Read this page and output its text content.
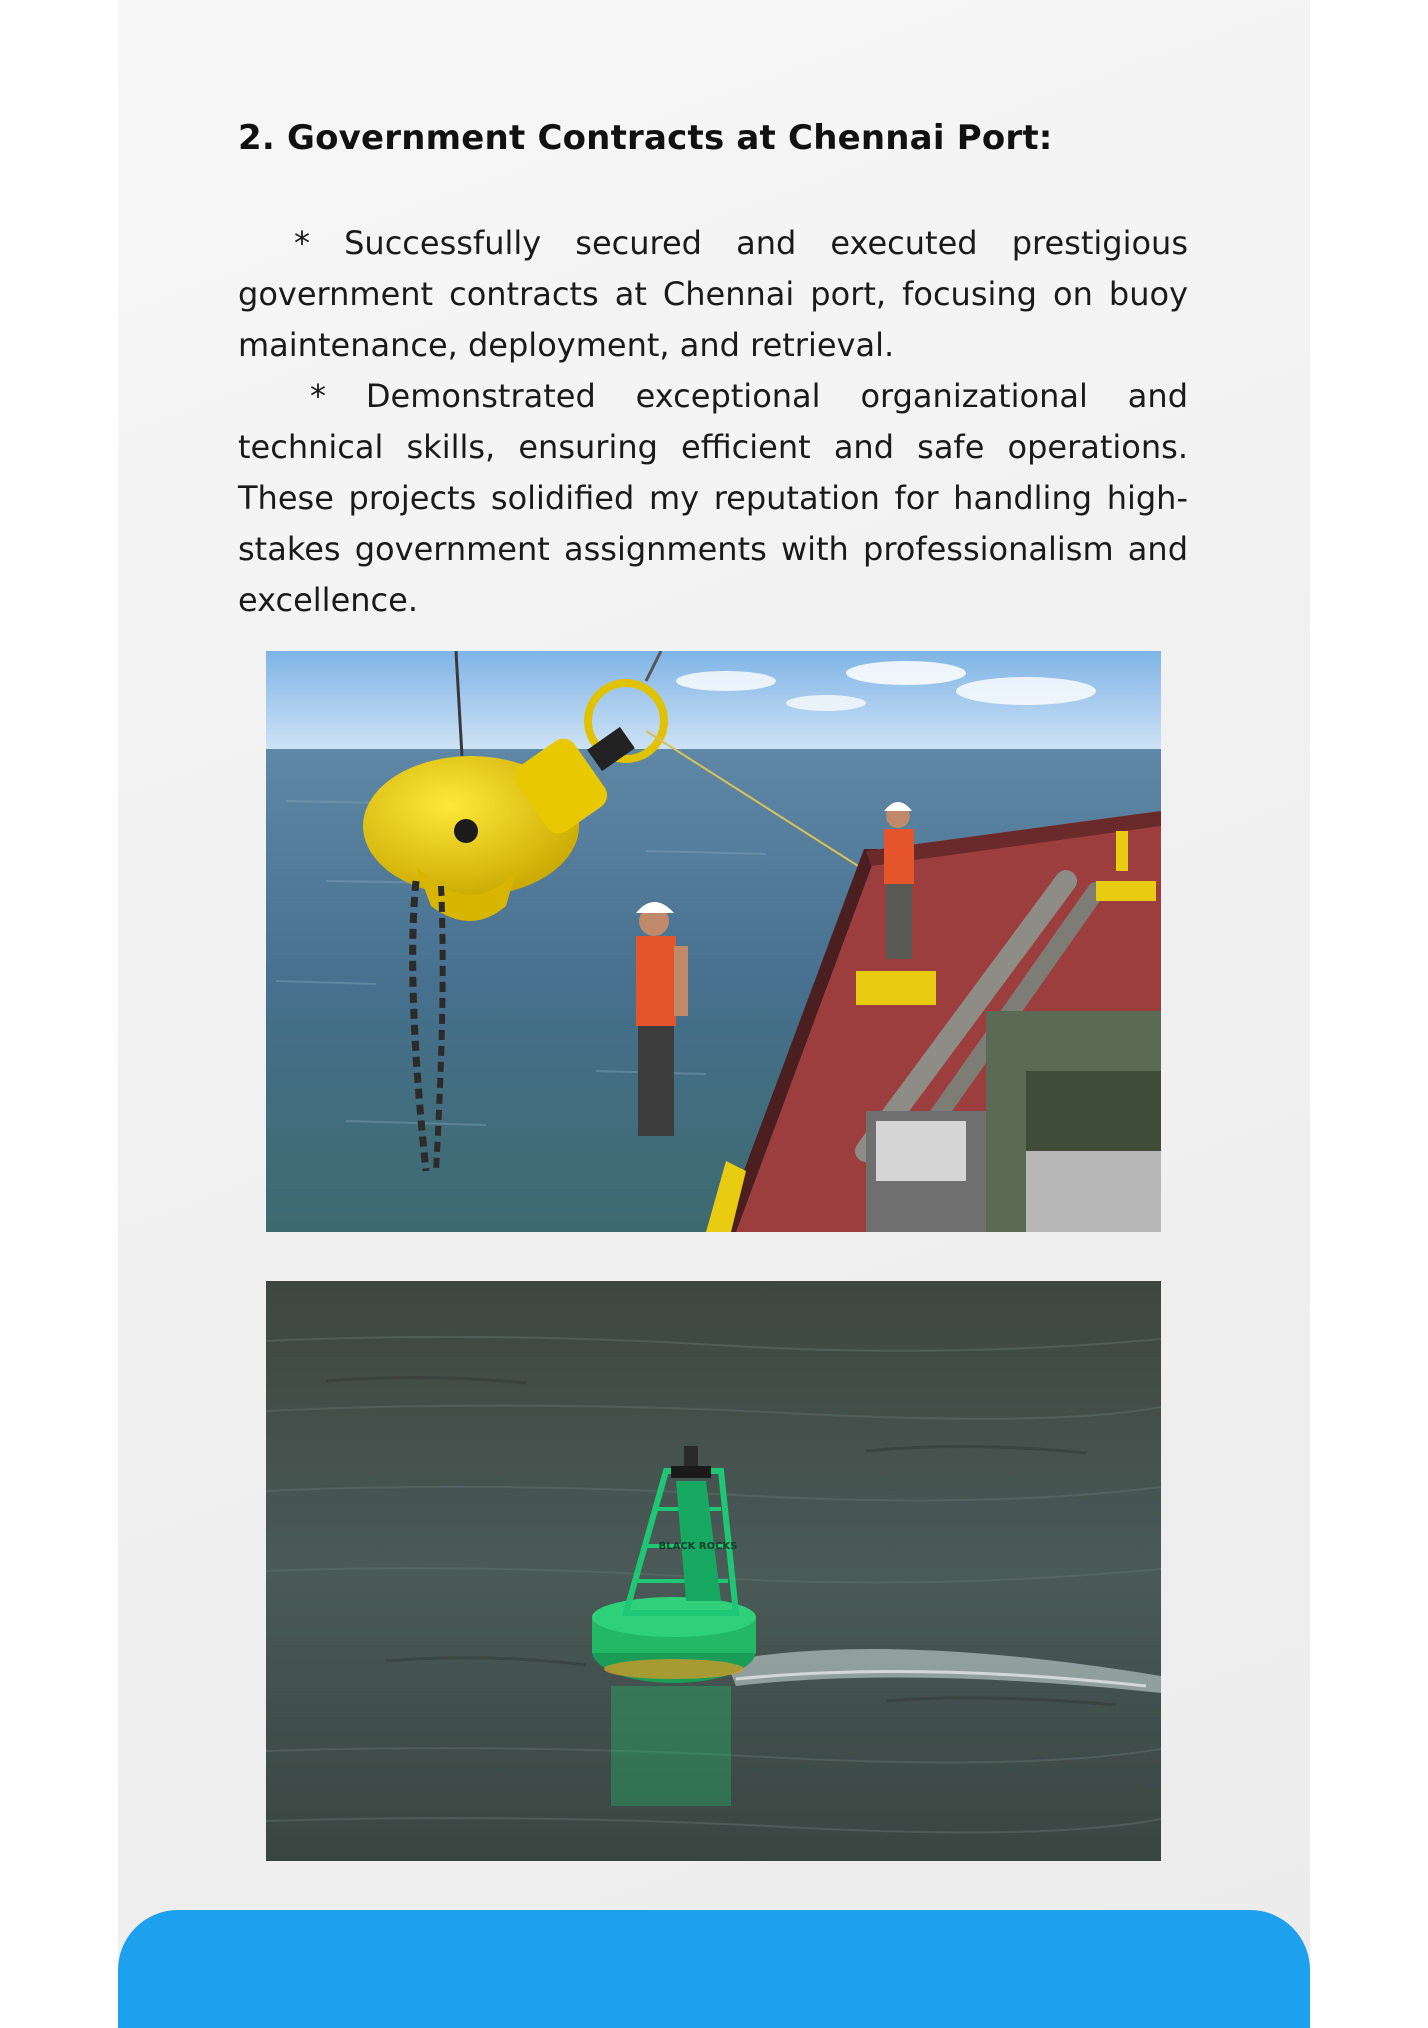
2. Government Contracts at Chennai Port:

* Successfully secured and executed prestigious government contracts at Chennai port, focusing on buoy maintenance, deployment, and retrieval.

* Demonstrated exceptional organizational and technical skills, ensuring efficient and safe operations. These projects solidified my reputation for handling high-stakes government assignments with professionalism and excellence.

BLACK ROCKS
